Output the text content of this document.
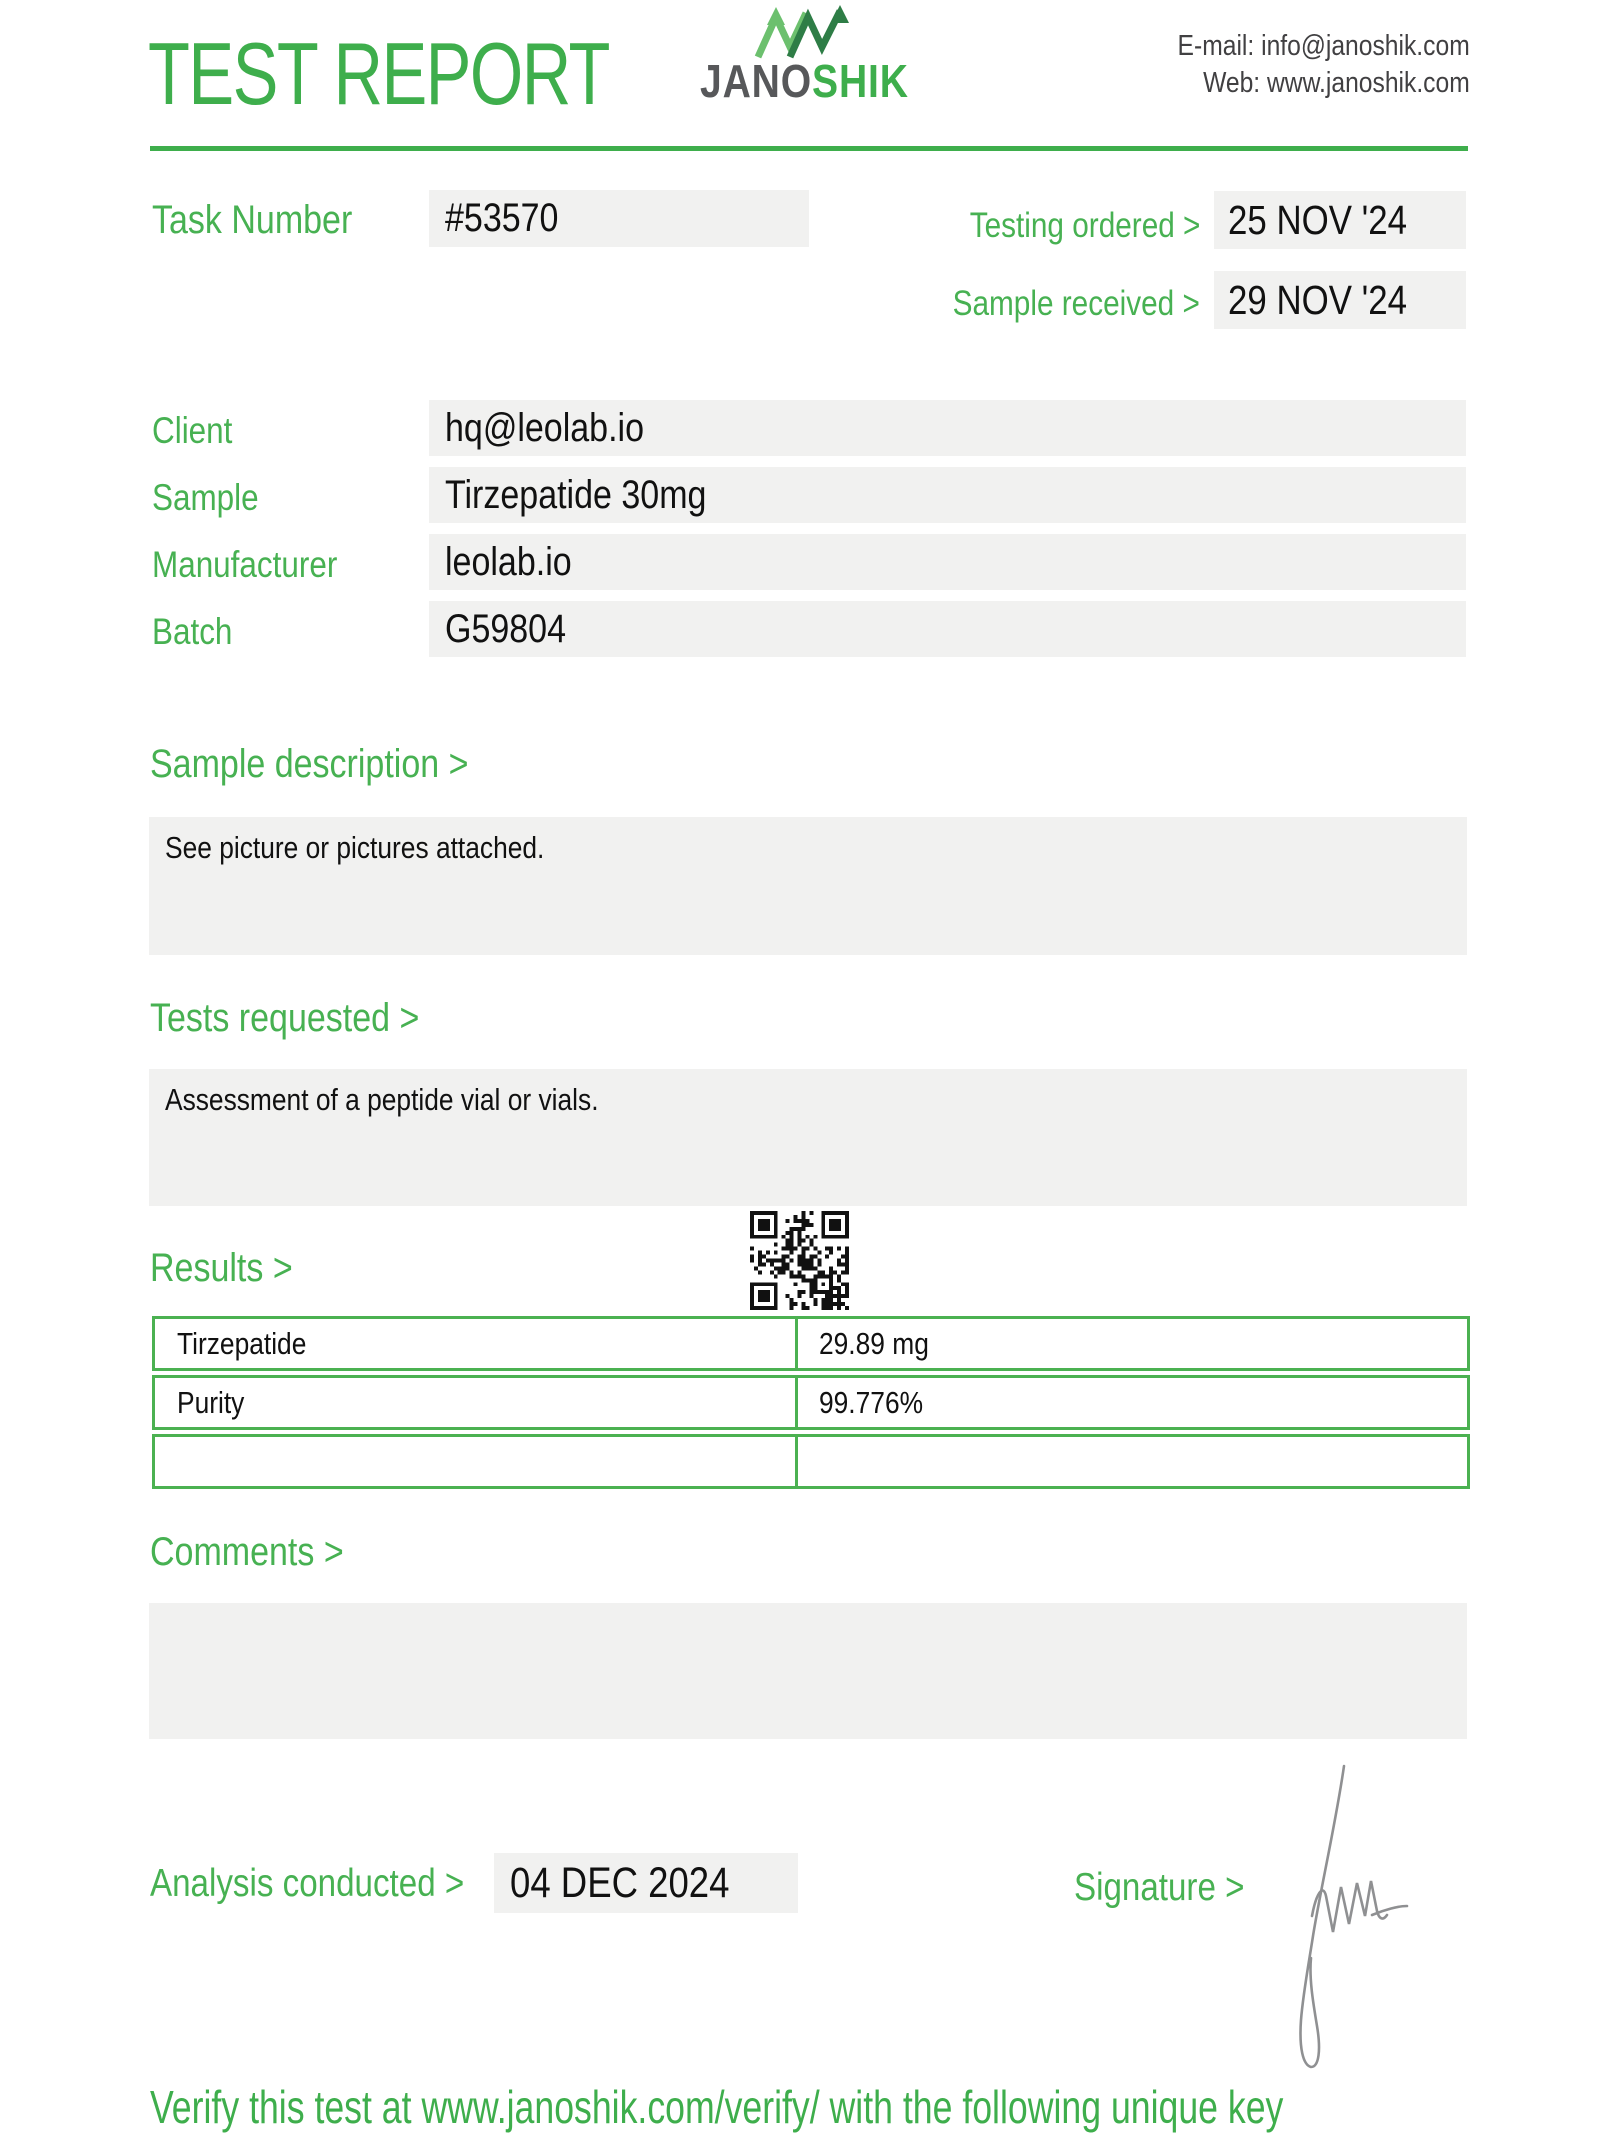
TEST REPORT	JANOSHIK
E-mail: info@janoshik.com
Web: www.janoshik.com
Task Number	#53570	Testing ordered > 25 NOV '24
Sample received > 29 NOV '24
Client	hq@leolab.io
Sample	Tirzepatide 30mg
Manufacturer	leolab.io
Batch	G59804
Sample description >
See picture or pictures attached.
Tests requested >
Assessment of a peptide vial or vials.
Results >
Tirzepatide	29.89 mg
Purity	99.776%
Comments >
Analysis conducted >	04 DEC 2024	Signature >
Verify this test at www.janoshik.com/verify/ with the following unique key
